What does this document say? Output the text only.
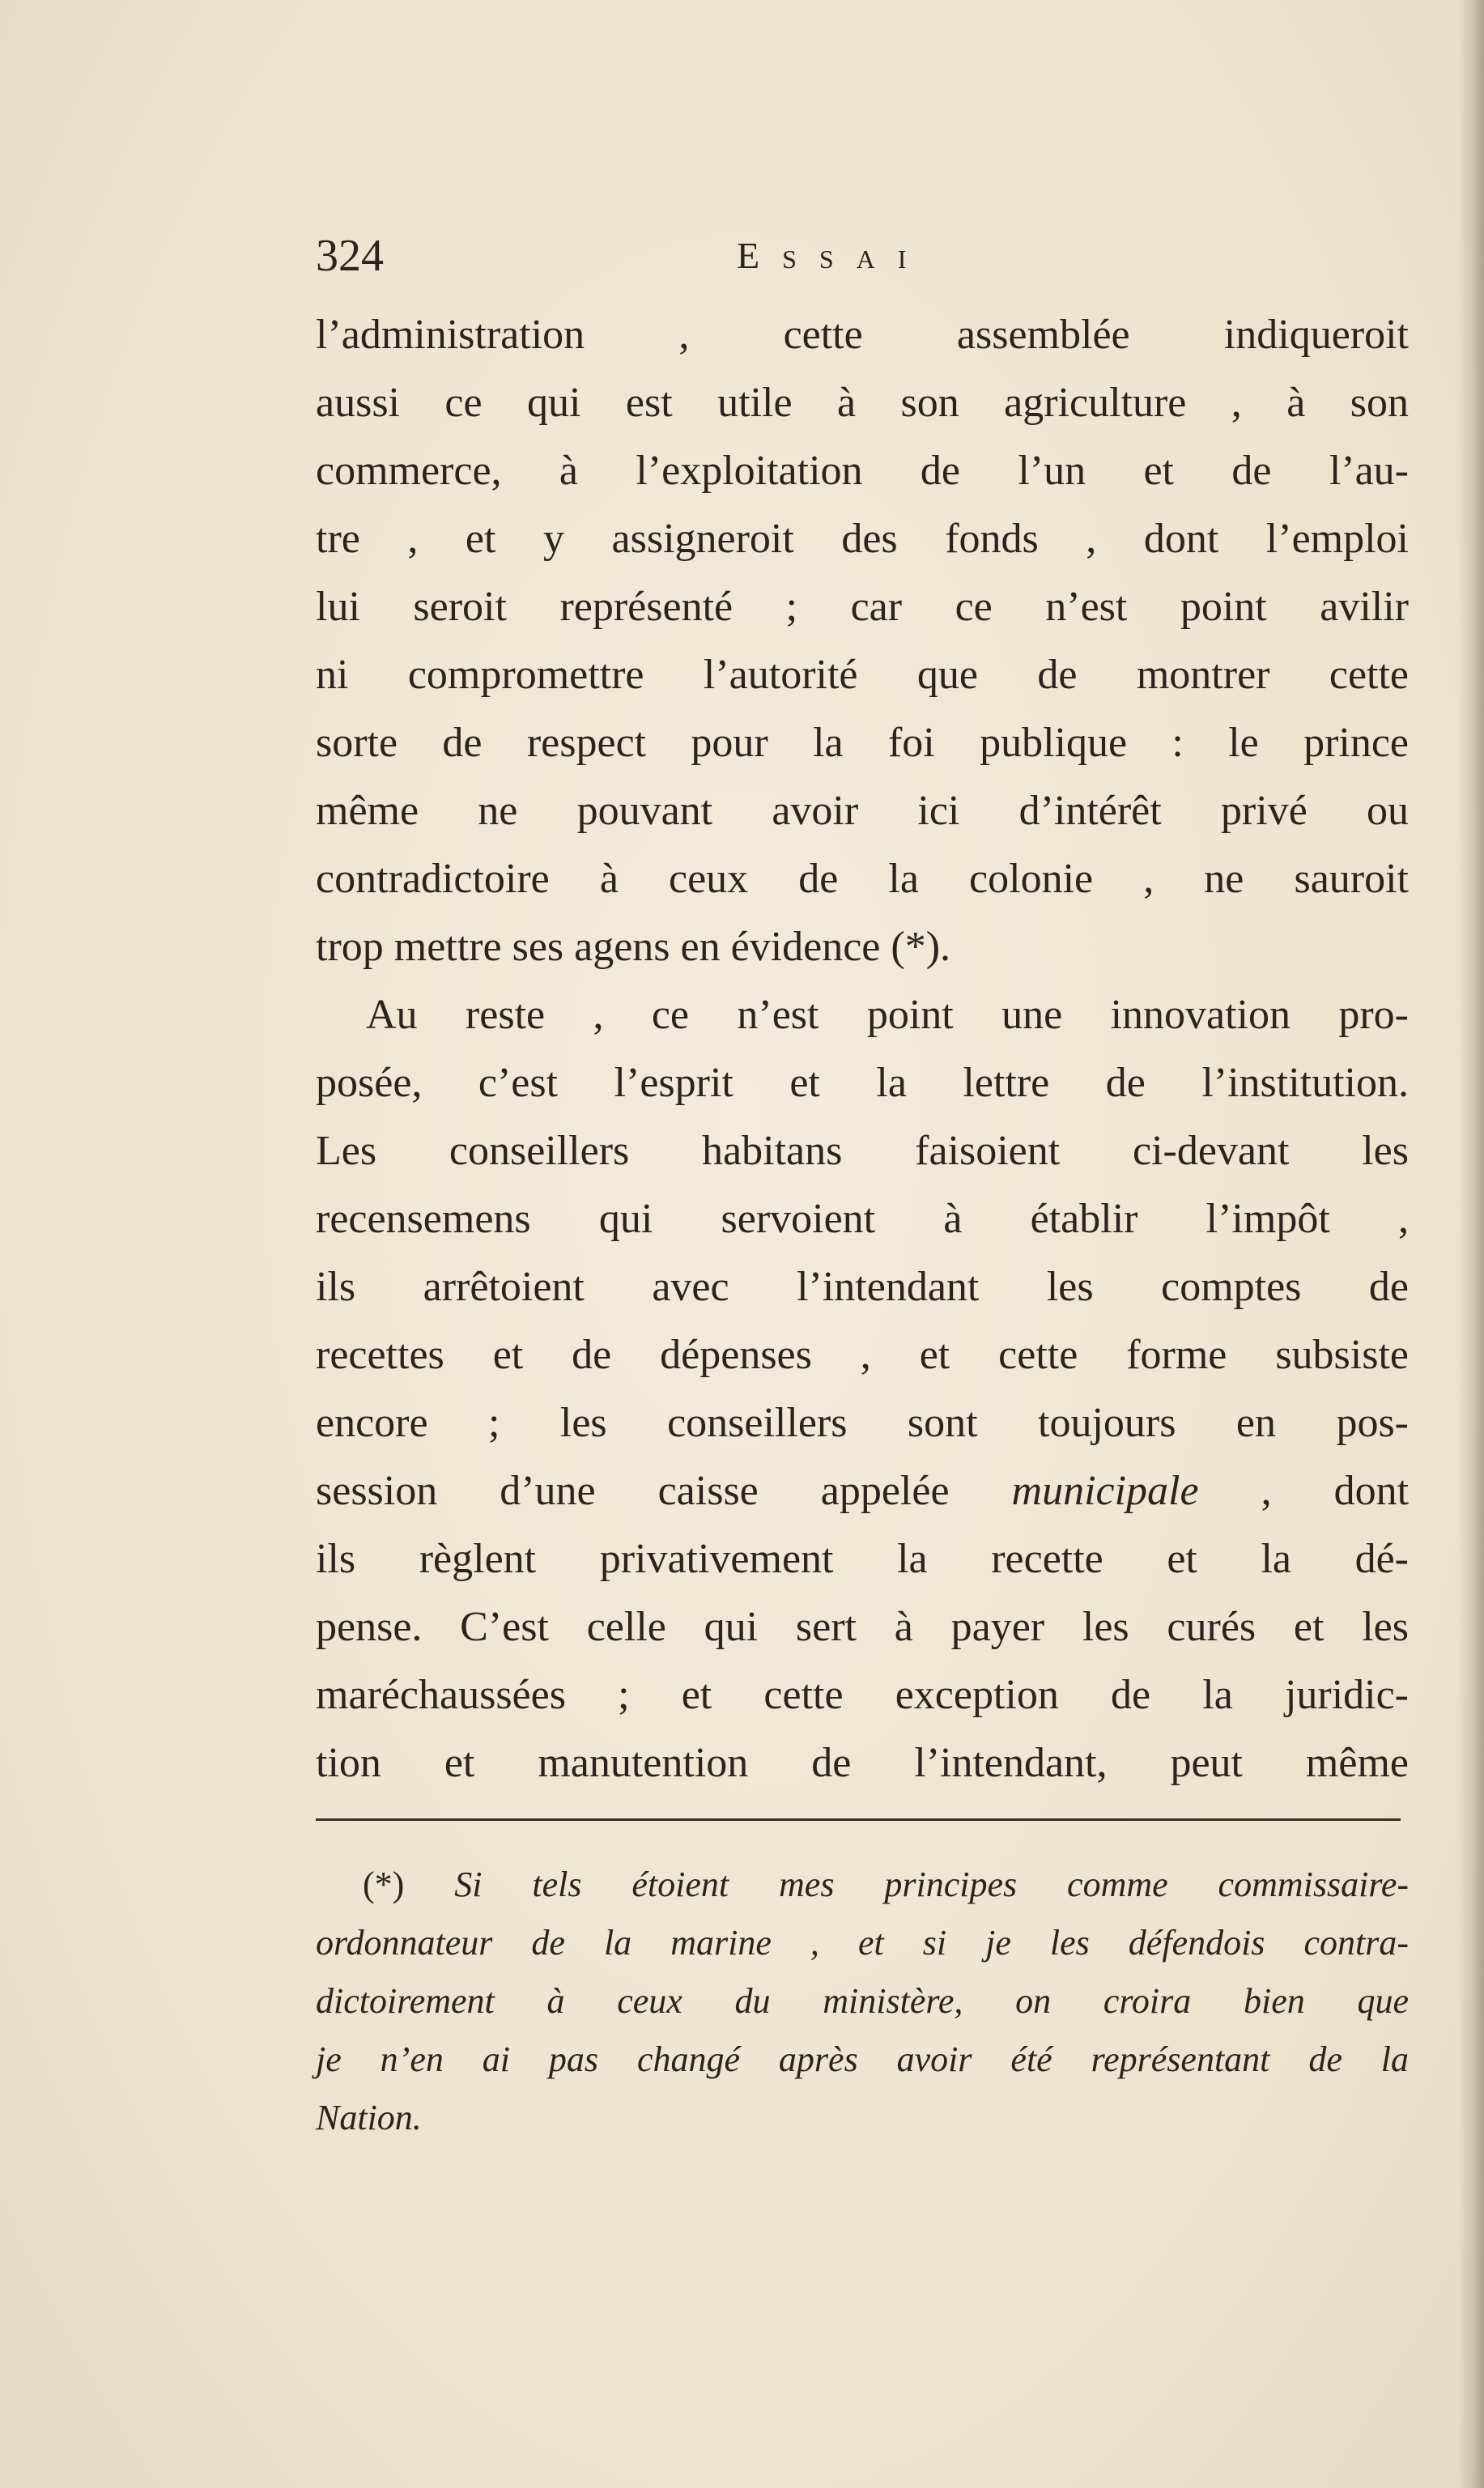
324	Essai
l’administration , cette assemblée indiqueroit
aussi ce qui est utile à son agriculture , à son
commerce, à l’exploitation de l’un et de l’au-
tre , et y assigneroit des fonds , dont l’emploi
lui seroit représenté ; car ce n’est point avilir
ni compromettre l’autorité que de montrer cette
sorte de respect pour la foi publique : le prince
même ne pouvant avoir ici d’intérêt privé ou
contradictoire à ceux de la colonie , ne sauroit
trop mettre ses agens en évidence (*).
Au reste , ce n’est point une innovation pro-
posée, c’est l’esprit et la lettre de l’institution.
Les conseillers habitans faisoient ci-devant les
recensemens qui servoient à établir l’impôt ,
ils arrêtoient avec l’intendant les comptes de
recettes et de dépenses , et cette forme subsiste
encore ; les conseillers sont toujours en pos-
session d’une caisse appelée municipale , dont
ils règlent privativement la recette et la dé-
pense. C’est celle qui sert à payer les curés et les
maréchaussées ; et cette exception de la juridic-
tion et manutention de l’intendant, peut même
(*) Si tels étoient mes principes comme commissaire-
ordonnateur de la marine , et si je les défendois contra-
dictoirement à ceux du ministère, on croira bien que
je n’en ai pas changé après avoir été représentant de la
Nation.
